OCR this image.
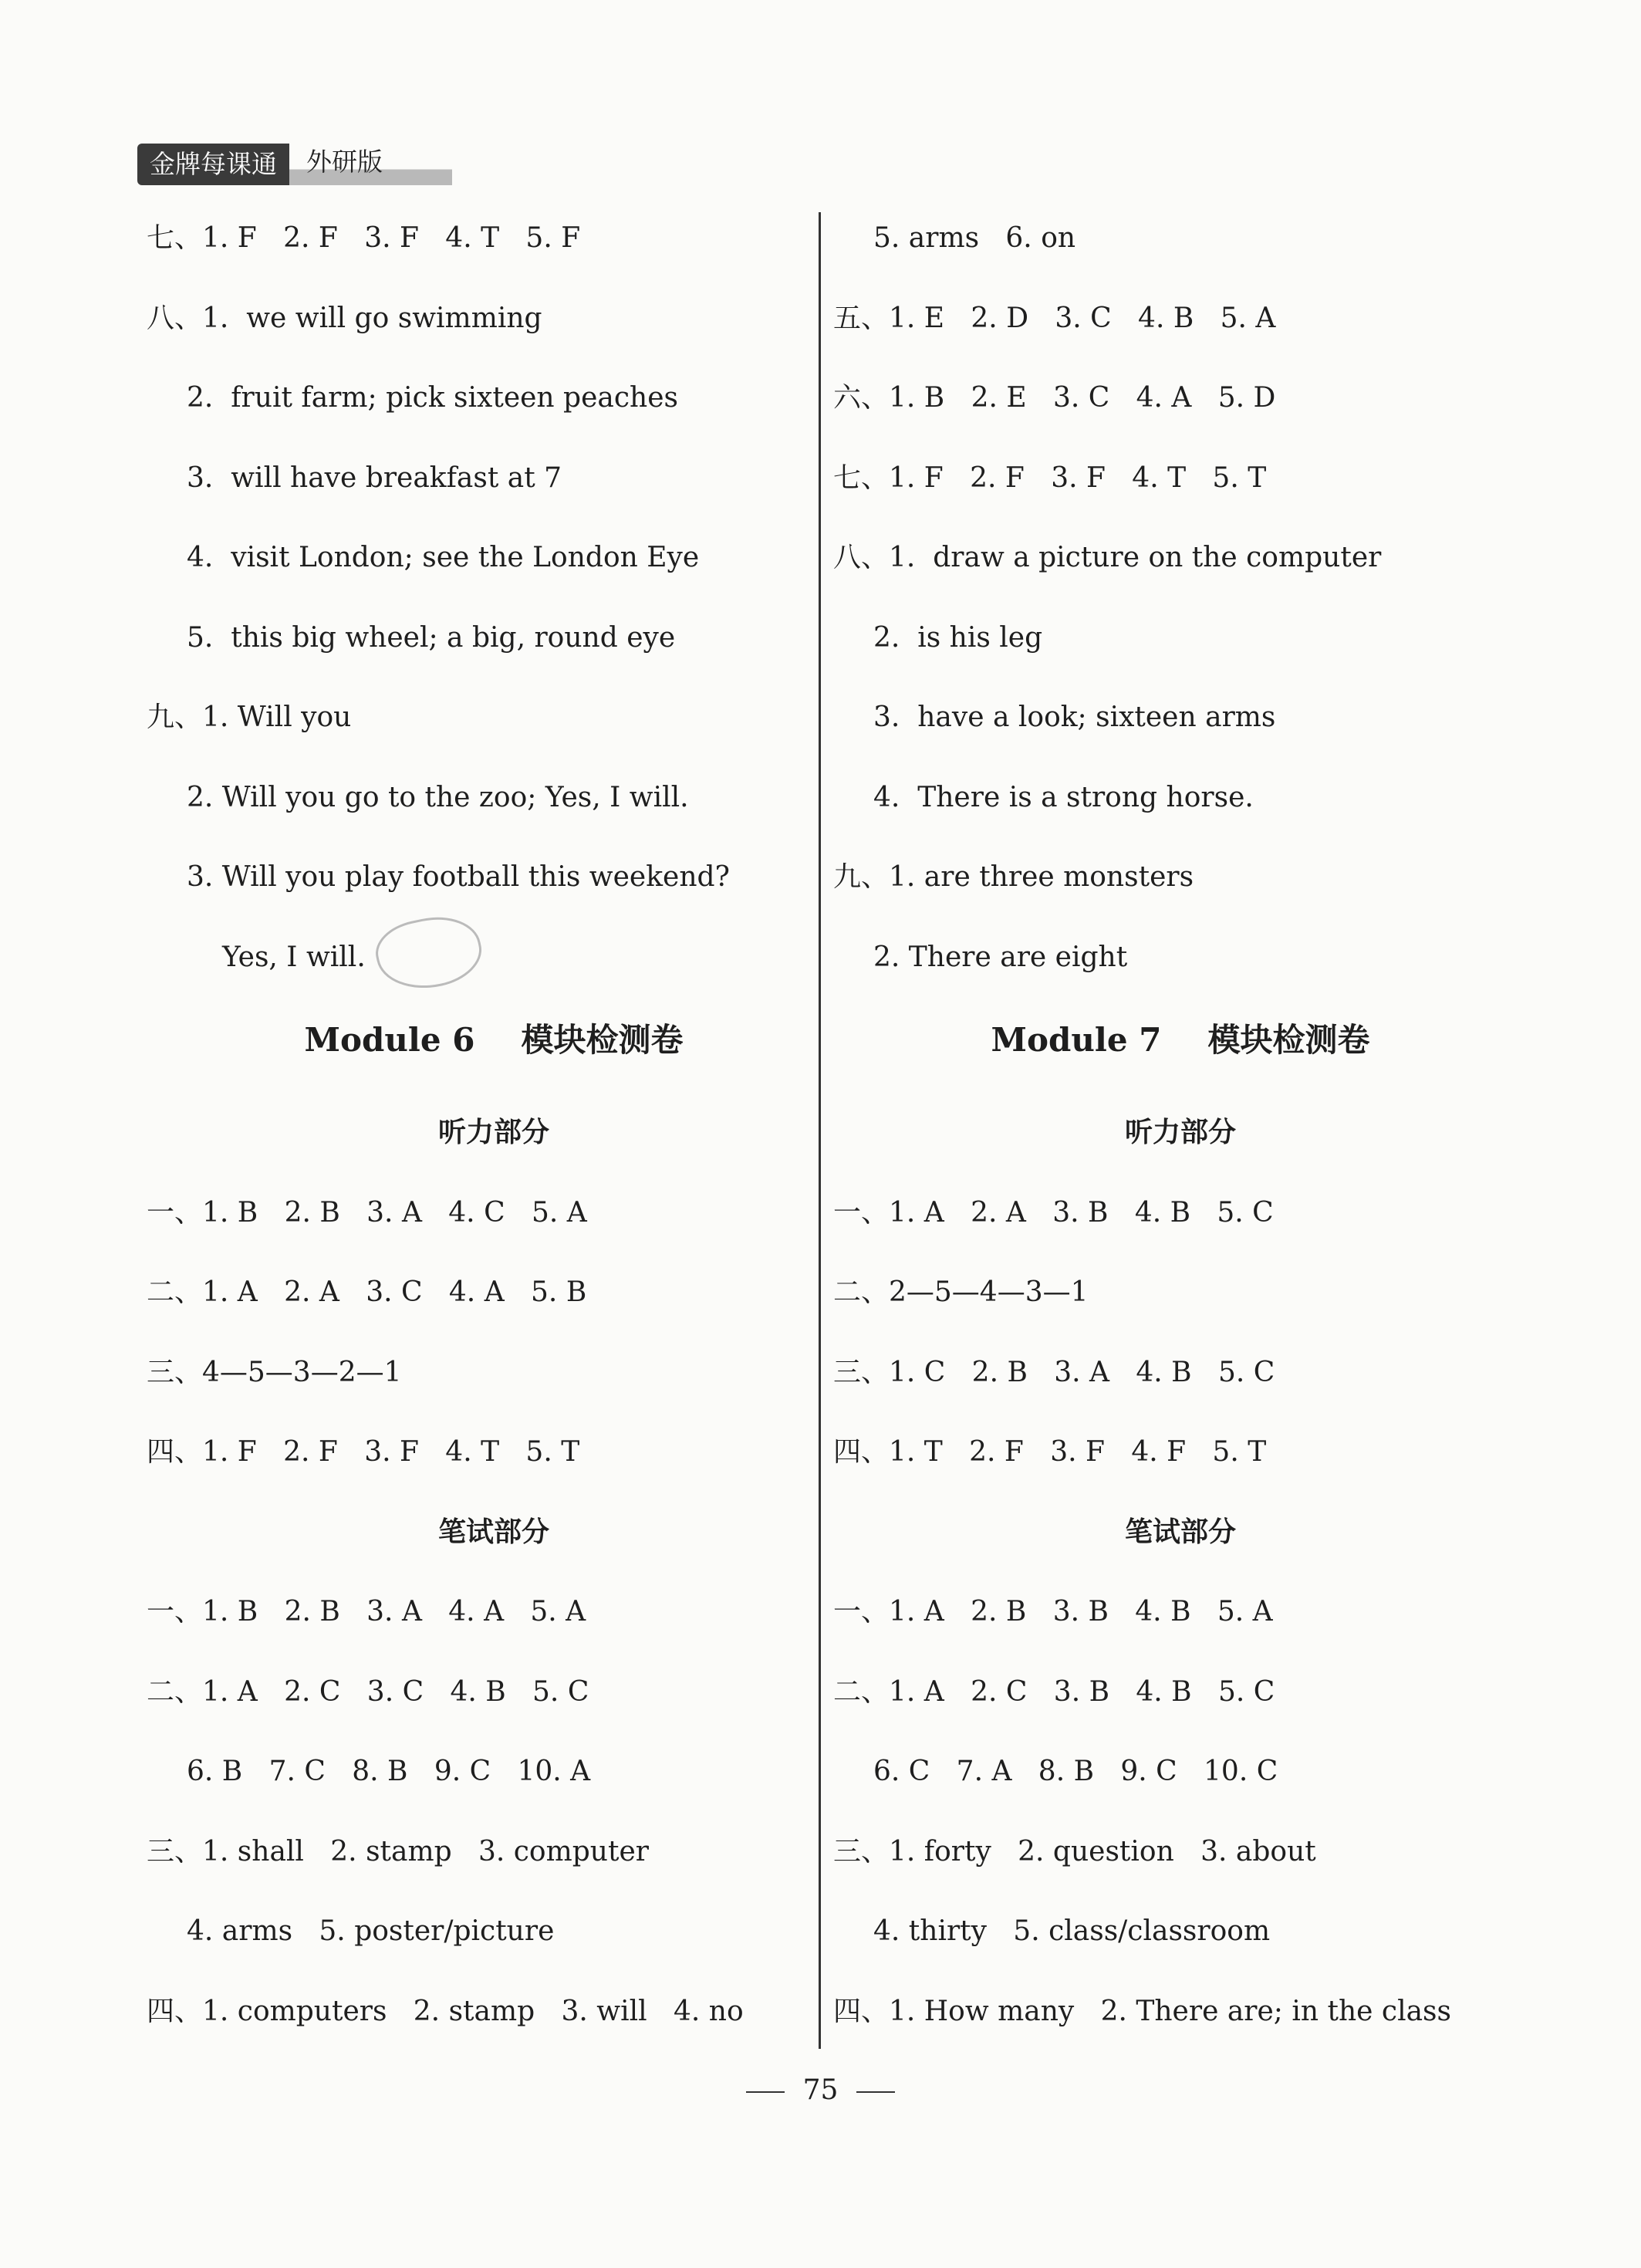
金牌每课通	外研版
七、1. F   2. F   3. F   4. T   5. F
八、1.  we will go swimming
2.  fruit farm; pick sixteen peaches
3.  will have breakfast at 7
4.  visit London; see the London Eye
5.  this big wheel; a big, round eye
九、1. Will you
2. Will you go to the zoo; Yes, I will.
3. Will you play football this weekend?
Yes, I will.
Module 6 模块检测卷
听力部分
一、1. B   2. B   3. A   4. C   5. A
二、1. A   2. A   3. C   4. A   5. B
三、4—5—3—2—1
四、1. F   2. F   3. F   4. T   5. T
笔试部分
一、1. B   2. B   3. A   4. A   5. A
二、1. A   2. C   3. C   4. B   5. C
6. B   7. C   8. B   9. C   10. A
三、1. shall   2. stamp   3. computer
4. arms   5. poster/picture
四、1. computers   2. stamp   3. will   4. no
5. arms   6. on
五、1. E   2. D   3. C   4. B   5. A
六、1. B   2. E   3. C   4. A   5. D
七、1. F   2. F   3. F   4. T   5. T
八、1.  draw a picture on the computer
2.  is his leg
3.  have a look; sixteen arms
4.  There is a strong horse.
九、1. are three monsters
2. There are eight
Module 7 模块检测卷
听力部分
一、1. A   2. A   3. B   4. B   5. C
二、2—5—4—3—1
三、1. C   2. B   3. A   4. B   5. C
四、1. T   2. F   3. F   4. F   5. T
笔试部分
一、1. A   2. B   3. B   4. B   5. A
二、1. A   2. C   3. B   4. B   5. C
6. C   7. A   8. B   9. C   10. C
三、1. forty   2. question   3. about
4. thirty   5. class/classroom
四、1. How many   2. There are; in the class
75
